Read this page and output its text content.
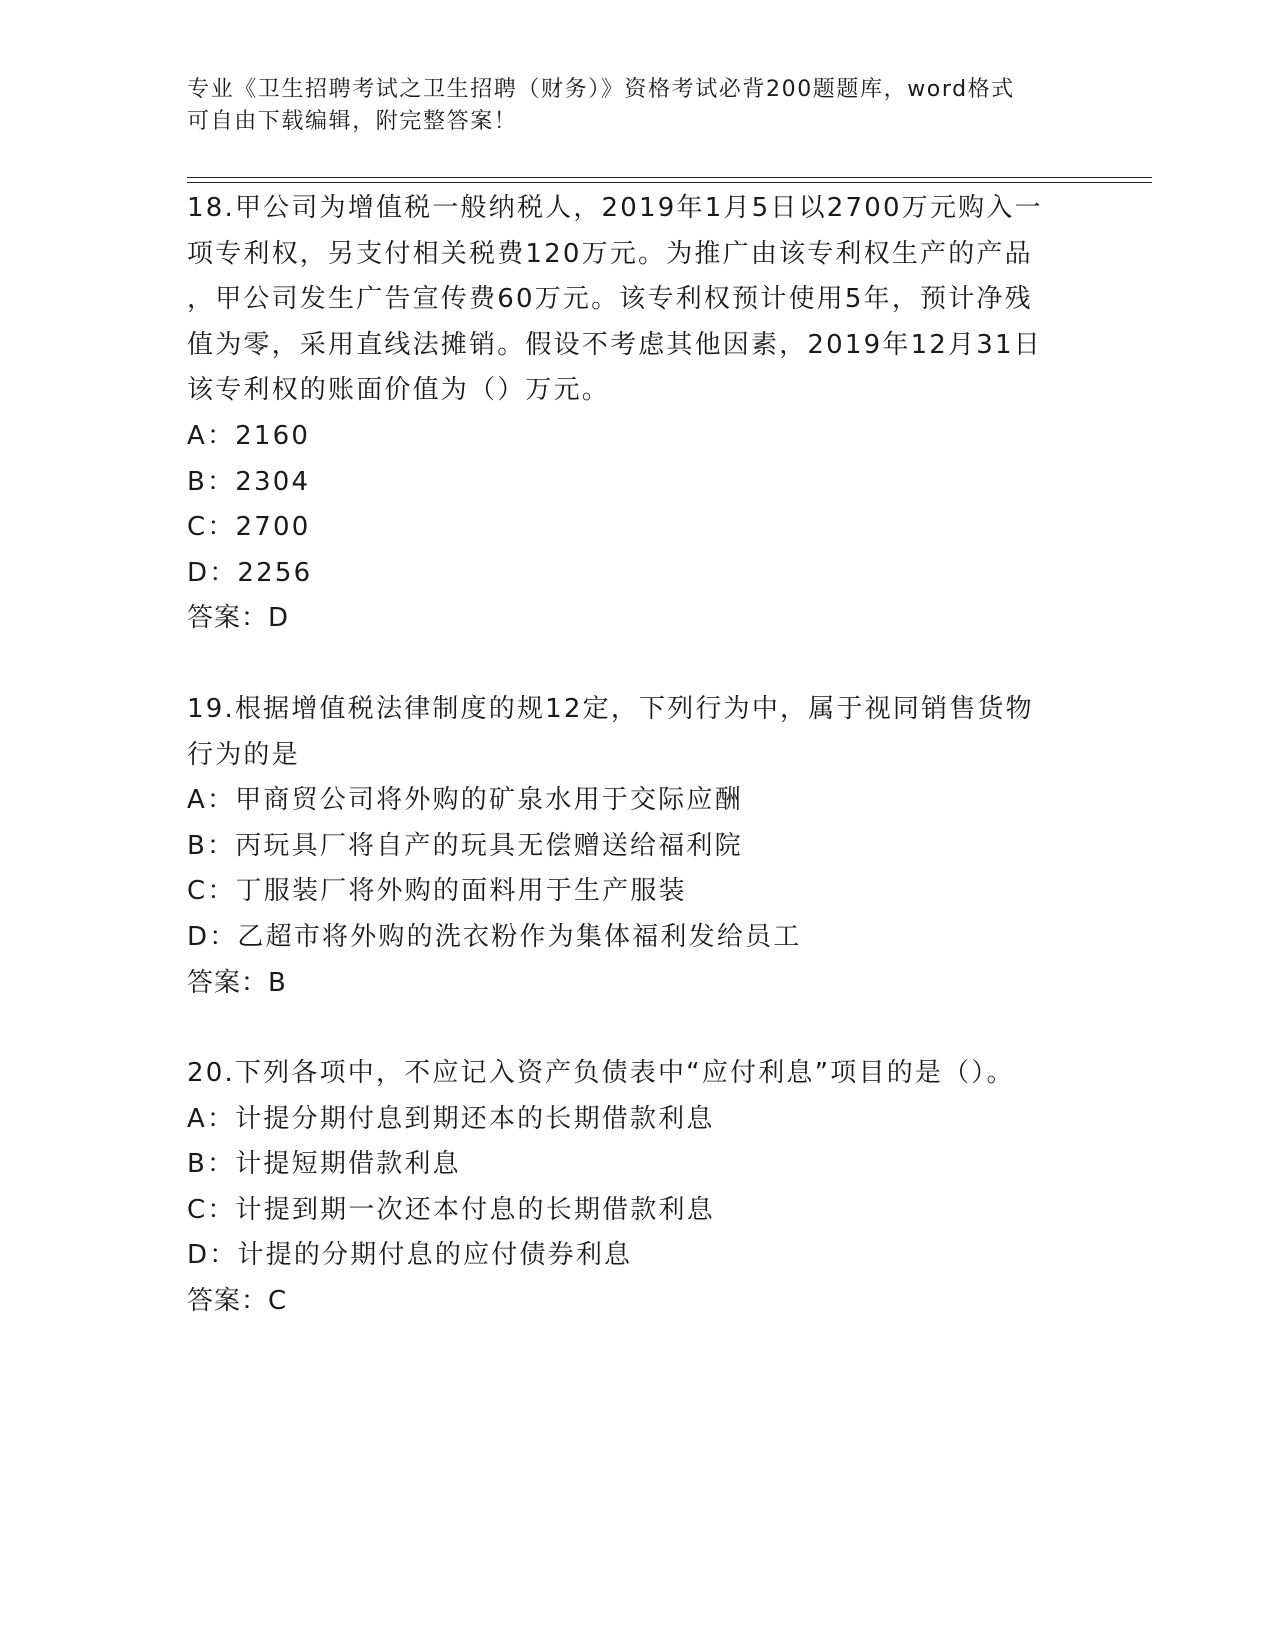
专业《卫生招聘考试之卫生招聘（财务）》资格考试必背200题题库，word格式
可自由下载编辑，附完整答案！

18.甲公司为增值税一般纳税人，2019年1月5日以2700万元购入一
项专利权，另支付相关税费120万元。为推广由该专利权生产的产品
，甲公司发生广告宣传费60万元。该专利权预计使用5年，预计净残
值为零，采用直线法摊销。假设不考虑其他因素，2019年12月31日
该专利权的账面价值为（）万元。

A：2160

B：2304

C：2700

D：2256

答案：D

19.根据增值税法律制度的规12定，下列行为中，属于视同销售货物
行为的是

A：甲商贸公司将外购的矿泉水用于交际应酬

B：丙玩具厂将自产的玩具无偿赠送给福利院

C：丁服装厂将外购的面料用于生产服装

D：乙超市将外购的洗衣粉作为集体福利发给员工

答案：B

20.下列各项中，不应记入资产负债表中“应付利息”项目的是（）。

A：计提分期付息到期还本的长期借款利息

B：计提短期借款利息

C：计提到期一次还本付息的长期借款利息

D：计提的分期付息的应付债券利息

答案：C
